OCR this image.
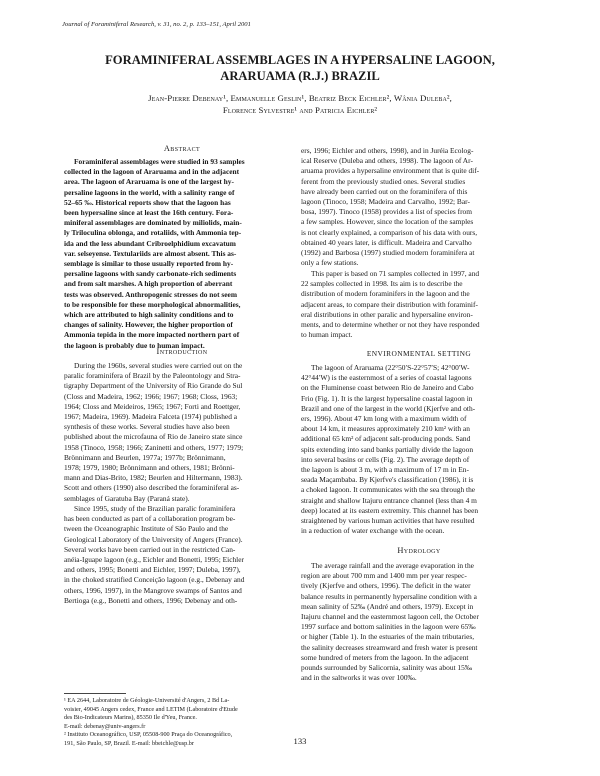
Journal of Foraminiferal Research, v. 31, no. 2, p. 133–151, April 2001
FORAMINIFERAL ASSEMBLAGES IN A HYPERSALINE LAGOON,
ARARUAMA (R.J.) BRAZIL
Jean-Pierre Debenay¹, Emmanuelle Geslin¹, Beatriz Beck Eichler², Wânia Duleba²,
Florence Sylvestre¹ and Patricia Eichler²
Abstract
Foraminiferal assemblages were studied in 93 samples
collected in the lagoon of Araruama and in the adjacent
area. The lagoon of Araruama is one of the largest hy-
persaline lagoons in the world, with a salinity range of
52–65 ‰. Historical reports show that the lagoon has
been hypersaline since at least the 16th century. Fora-
miniferal assemblages are dominated by miliolids, main-
ly Triloculina oblonga, and rotaliids, with Ammonia tep-
ida and the less abundant Cribroelphidium excavatum
var. selseyense. Textulariids are almost absent. This as-
semblage is similar to those usually reported from hy-
persaline lagoons with sandy carbonate-rich sediments
and from salt marshes. A high proportion of aberrant
tests was observed. Anthropogenic stresses do not seem
to be responsible for these morphological abnormalities,
which are attributed to high salinity conditions and to
changes of salinity. However, the higher proportion of
Ammonia tepida in the more impacted northern part of
the lagoon is probably due to human impact.
Introduction
During the 1960s, several studies were carried out on the
paralic foraminifera of Brazil by the Paleontology and Stra-
tigraphy Department of the University of Rio Grande do Sul
(Closs and Madeira, 1962; 1966; 1967; 1968; Closs, 1963;
1964; Closs and Meideiros, 1965; 1967; Forti and Roettger,
1967; Madeira, 1969). Madeira Falceta (1974) published a
synthesis of these works. Several studies have also been
published about the microfauna of Rio de Janeiro state since
1958 (Tinoco, 1958; 1966; Zaninetti and others, 1977; 1979;
Brönnimann and Beurlen, 1977a; 1977b; Brönnimann,
1978; 1979, 1980; Brönnimann and others, 1981; Brönni-
mann and Dias-Brito, 1982; Beurlen and Hiltermann, 1983).
Scott and others (1990) also described the foraminiferal as-
semblages of Garatuba Bay (Paraná state).
Since 1995, study of the Brazilian paralic foraminifera
has been conducted as part of a collaboration program be-
tween the Oceanographic Institute of São Paulo and the
Geological Laboratory of the University of Angers (France).
Several works have been carried out in the restricted Can-
anéia-Iguape lagoon (e.g., Eichler and Bonetti, 1995; Eichler
and others, 1995; Bonetti and Eichler, 1997; Duleba, 1997),
in the choked stratified Conceição lagoon (e.g., Debenay and
others, 1996, 1997), in the Mangrove swamps of Santos and
Bertioga (e.g., Bonetti and others, 1996; Debenay and oth-
¹ EA 2644, Laboratoire de Géologie-Université d'Angers, 2 Bd La-
voisier, 49045 Angers cedex, France and LETIM (Laboratoire d'Etude
des Bio-Indicateurs Marins), 85350 Ile d'Yeu, France.
E-mail: debenay@univ-angers.fr
² Instituto Oceanográfico, USP, 05508-900 Praça do Oceanográfico,
191, São Paulo, SP, Brazil. E-mail: bbeichle@usp.br
ers, 1996; Eichler and others, 1998), and in Juréia Ecolog-
ical Reserve (Duleba and others, 1998). The lagoon of Ar-
aruama provides a hypersaline environment that is quite dif-
ferent from the previously studied ones. Several studies
have already been carried out on the foraminifera of this
lagoon (Tinoco, 1958; Madeira and Carvalho, 1992; Bar-
bosa, 1997). Tinoco (1958) provides a list of species from
a few samples. However, since the location of the samples
is not clearly explained, a comparison of his data with ours,
obtained 40 years later, is difficult. Madeira and Carvalho
(1992) and Barbosa (1997) studied modern foraminifera at
only a few stations.
This paper is based on 71 samples collected in 1997, and
22 samples collected in 1998. Its aim is to describe the
distribution of modern foraminifers in the lagoon and the
adjacent areas, to compare their distribution with foraminif-
eral distributions in other paralic and hypersaline environ-
ments, and to determine whether or not they have responded
to human impact.
ENVIRONMENTAL SETTING
The lagoon of Araruama (22°50′S-22°57′S; 42°00′W-
42°44′W) is the easternmost of a series of coastal lagoons
on the Fluminense coast between Rio de Janeiro and Cabo
Frio (Fig. 1). It is the largest hypersaline coastal lagoon in
Brazil and one of the largest in the world (Kjerfve and oth-
ers, 1996). About 47 km long with a maximum width of
about 14 km, it measures approximately 210 km² with an
additional 65 km² of adjacent salt-producing ponds. Sand
spits extending into sand banks partially divide the lagoon
into several basins or cells (Fig. 2). The average depth of
the lagoon is about 3 m, with a maximum of 17 m in En-
seada Maçambaba. By Kjerfve's classification (1986), it is
a choked lagoon. It communicates with the sea through the
straight and shallow Itajuru entrance channel (less than 4 m
deep) located at its eastern extremity. This channel has been
straightened by various human activities that have resulted
in a reduction of water exchange with the ocean.
Hydrology
The average rainfall and the average evaporation in the
region are about 700 mm and 1400 mm per year respec-
tively (Kjerfve and others, 1996). The deficit in the water
balance results in permanently hypersaline condition with a
mean salinity of 52‰ (André and others, 1979). Except in
Itajuru channel and the easternmost lagoon cell, the October
1997 surface and bottom salinities in the lagoon were 65‰
or higher (Table 1). In the estuaries of the main tributaries,
the salinity decreases streamward and fresh water is present
some hundred of meters from the lagoon. In the adjacent
pounds surrounded by Salicornia, salinity was about 15‰
and in the saltworks it was over 100‰.
133
